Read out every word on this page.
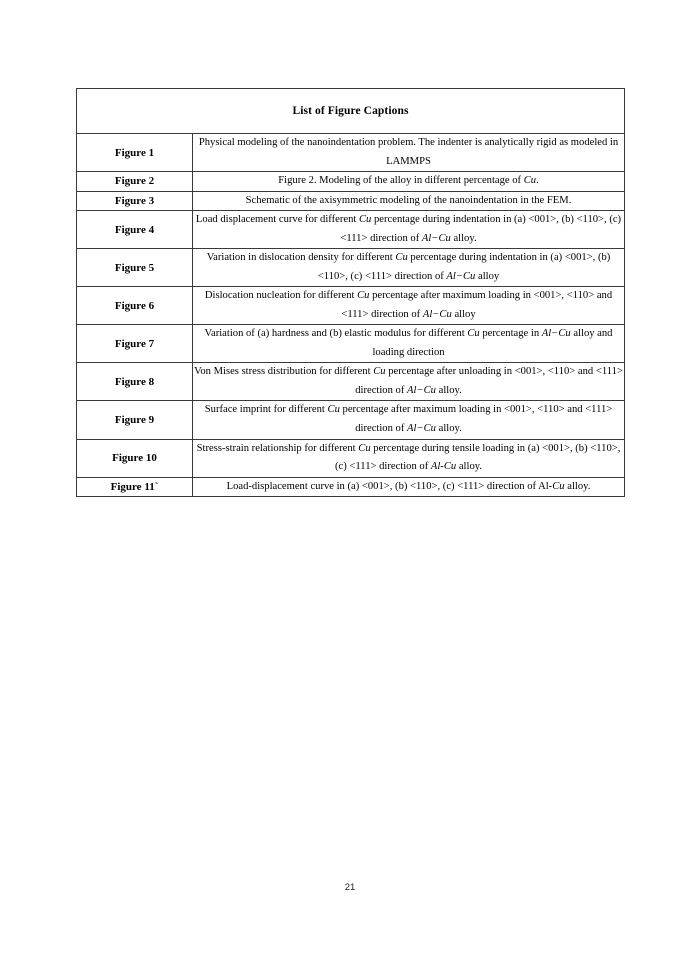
List of Figure Captions	
Figure 1	Physical modeling of the nanoindentation problem. The indenter is analytically rigid as modeled in LAMMPS

Figure 2	Figure 2. Modeling of the alloy in different percentage of Cu.

Figure 3	Schematic of the axisymmetric modeling of the nanoindentation in the FEM.

Figure 4	Load displacement curve for different Cu percentage during indentation in (a) <001>, (b) <110>, (c) <111> direction of Al−Cu alloy.

Figure 5	Variation in dislocation density for different Cu percentage during indentation in (a) <001>, (b) <110>, (c) <111> direction of Al−Cu alloy

Figure 6	Dislocation nucleation for different Cu percentage after maximum loading in <001>, <110> and <111> direction of Al−Cu alloy

Figure 7	Variation of (a) hardness and (b) elastic modulus for different Cu percentage in Al−Cu alloy and loading direction

Figure 8	Von Mises stress distribution for different Cu percentage after unloading in <001>, <110> and <111> direction of Al−Cu alloy.

Figure 9	Surface imprint for different Cu percentage after maximum loading in <001>, <110> and <111> direction of Al−Cu alloy.

Figure 10	Stress-strain relationship for different Cu percentage during tensile loading in (a) <001>, (b) <110>, (c) <111> direction of Al-Cu alloy.

Figure 11`	Load-displacement curve in (a) <001>, (b) <110>, (c) <111> direction of Al-Cu alloy.
21
